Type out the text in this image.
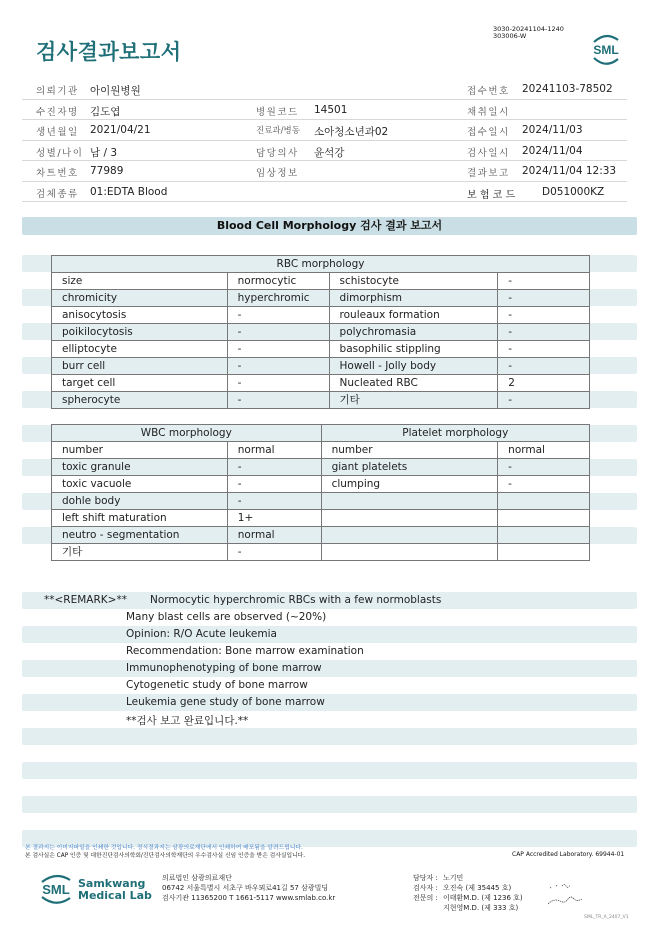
검사결과보고서
3030-20241104-1240
303006-W
SML
의뢰기관 아이원병원	접수번호 20241103-78502
수진자명 김도엽	병원코드 14501	채취일시
생년월일 2021/04/21	진료과/병동 소아청소년과02	접수일시 2024/11/03
성별/나이 남 / 3	담당의사 윤석강	검사일시 2024/11/04
차트번호 77989	임상정보	결과보고 2024/11/04 12:33
검체종류 01:EDTA Blood	보 험 코 드	D051000KZ
Blood Cell Morphology 검사 결과 보고서
RBC morphology			
size	normocytic	schistocyte	-
chromicity	hyperchromic	dimorphism	-
anisocytosis	-	rouleaux formation	-
poikilocytosis	-	polychromasia	-
elliptocyte	-	basophilic stippling	-
burr cell	-	Howell - Jolly body	-
target cell	-	Nucleated RBC	2
spherocyte	-	기타	-
WBC morphology		Platelet morphology	
number	normal	number	normal
toxic granule	-	giant platelets	-
toxic vacuole	-	clumping	-
dohle body	-		
left shift maturation	1+		
neutro - segmentation	normal		
기타	-		
**<REMARK>** Normocytic hyperchromic RBCs with a few normoblasts
Many blast cells are observed (~20%)
Opinion: R/O Acute leukemia
Recommendation: Bone marrow examination
Immunophenotyping of bone marrow
Cytogenetic study of bone marrow
Leukemia gene study of bone marrow
**검사 보고 완료입니다.**
본 결과지는 이미지파일을 인쇄한 것입니다. 정식결과지는 삼광의료재단에서 인쇄하여 배포됨을 알려드립니다.
본 검사실은 CAP 인증 및 대한진단검사의학회/진단검사의학재단의 우수검사실 신임 인증을 받은 검사실입니다.	CAP Accredited Laboratory. 69944-01
SML Samkwang
Medical Lab
의료법인 삼광의료재단
06742 서울특별시 서초구 바우뫼로41길 57 삼광빌딩
검사기관 11365200 T 1661-5117 www.smlab.co.kr
담당자 : 노기민
검사자 : 오진숙 (제 35445 호)
전문의 : 이태환M.D. (제 1236 호)
지현영M.D. (제 333 호)
SML_TR_A_2407_V1
